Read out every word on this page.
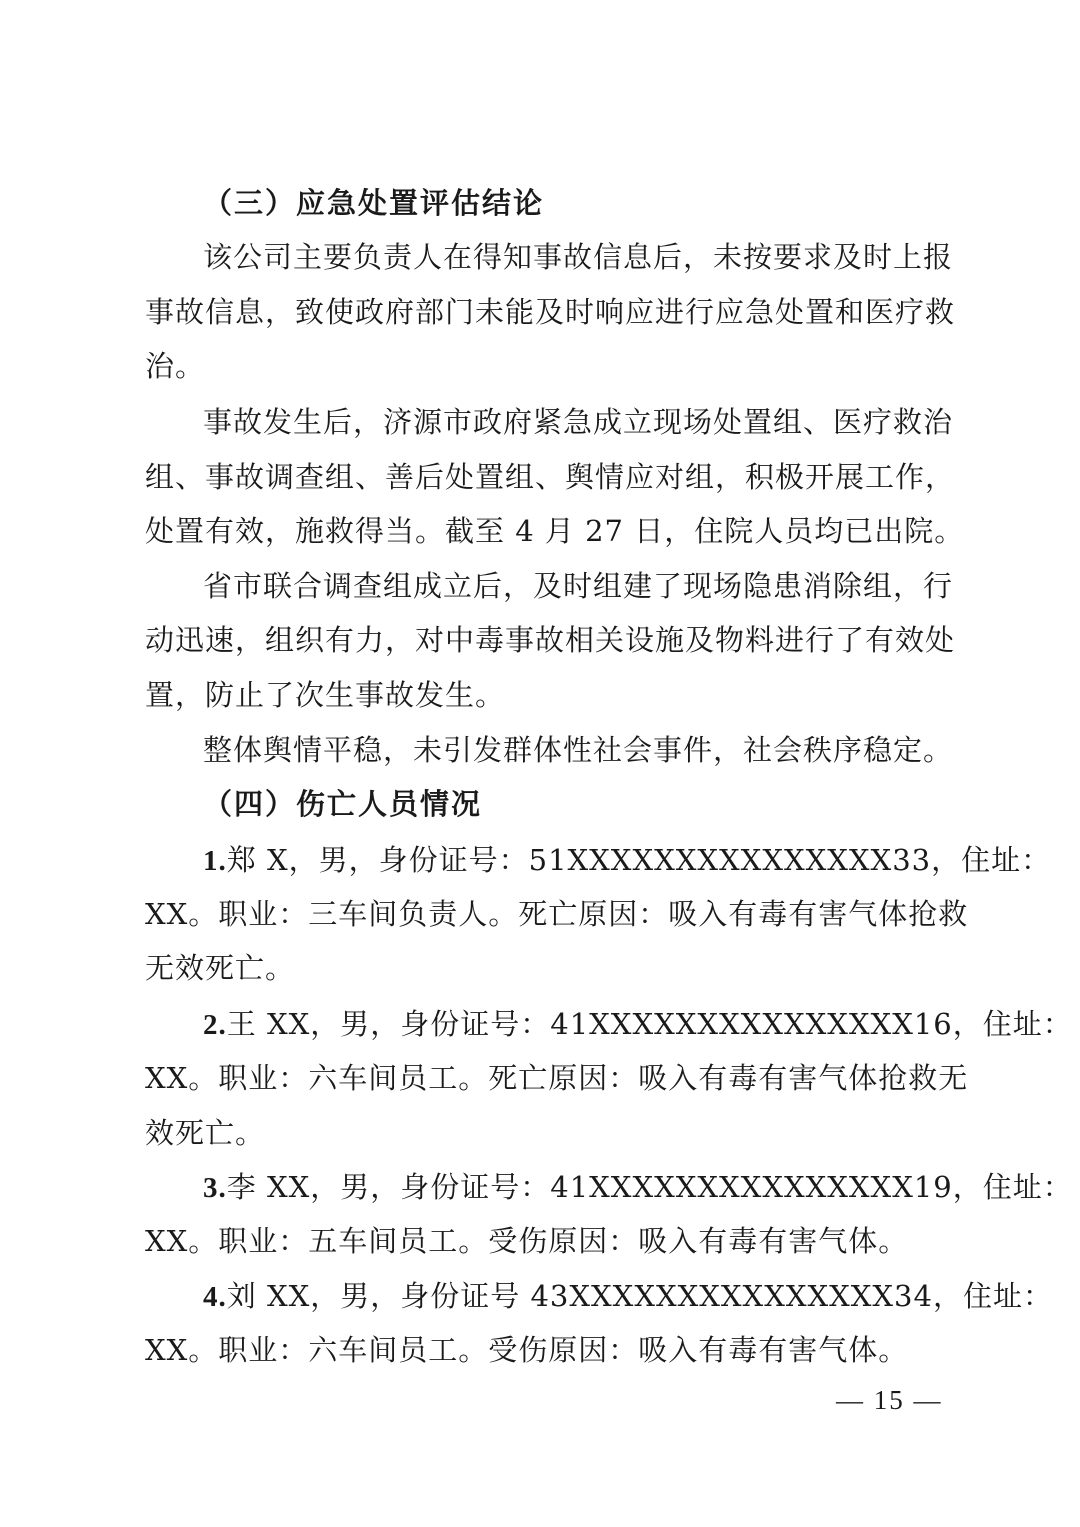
（三）应急处置评估结论
该公司主要负责人在得知事故信息后，未按要求及时上报
事故信息，致使政府部门未能及时响应进行应急处置和医疗救
治。
事故发生后，济源市政府紧急成立现场处置组、医疗救治
组、事故调查组、善后处置组、舆情应对组，积极开展工作，
处置有效，施救得当。截至 4 月 27 日，住院人员均已出院。
省市联合调查组成立后，及时组建了现场隐患消除组，行
动迅速，组织有力，对中毒事故相关设施及物料进行了有效处
置，防止了次生事故发生。
整体舆情平稳，未引发群体性社会事件，社会秩序稳定。
（四）伤亡人员情况
1.郑 X，男，身份证号：51XXXXXXXXXXXXXXX33，住址：
XX。职业：三车间负责人。死亡原因：吸入有毒有害气体抢救
无效死亡。
2.王 XX，男，身份证号：41XXXXXXXXXXXXXXX16，住址：
XX。职业：六车间员工。死亡原因：吸入有毒有害气体抢救无
效死亡。
3.李 XX，男，身份证号：41XXXXXXXXXXXXXXX19，住址：
XX。职业：五车间员工。受伤原因：吸入有毒有害气体。
4.刘 XX，男，身份证号 43XXXXXXXXXXXXXXX34，住址：
XX。职业：六车间员工。受伤原因：吸入有毒有害气体。
— 15 —
